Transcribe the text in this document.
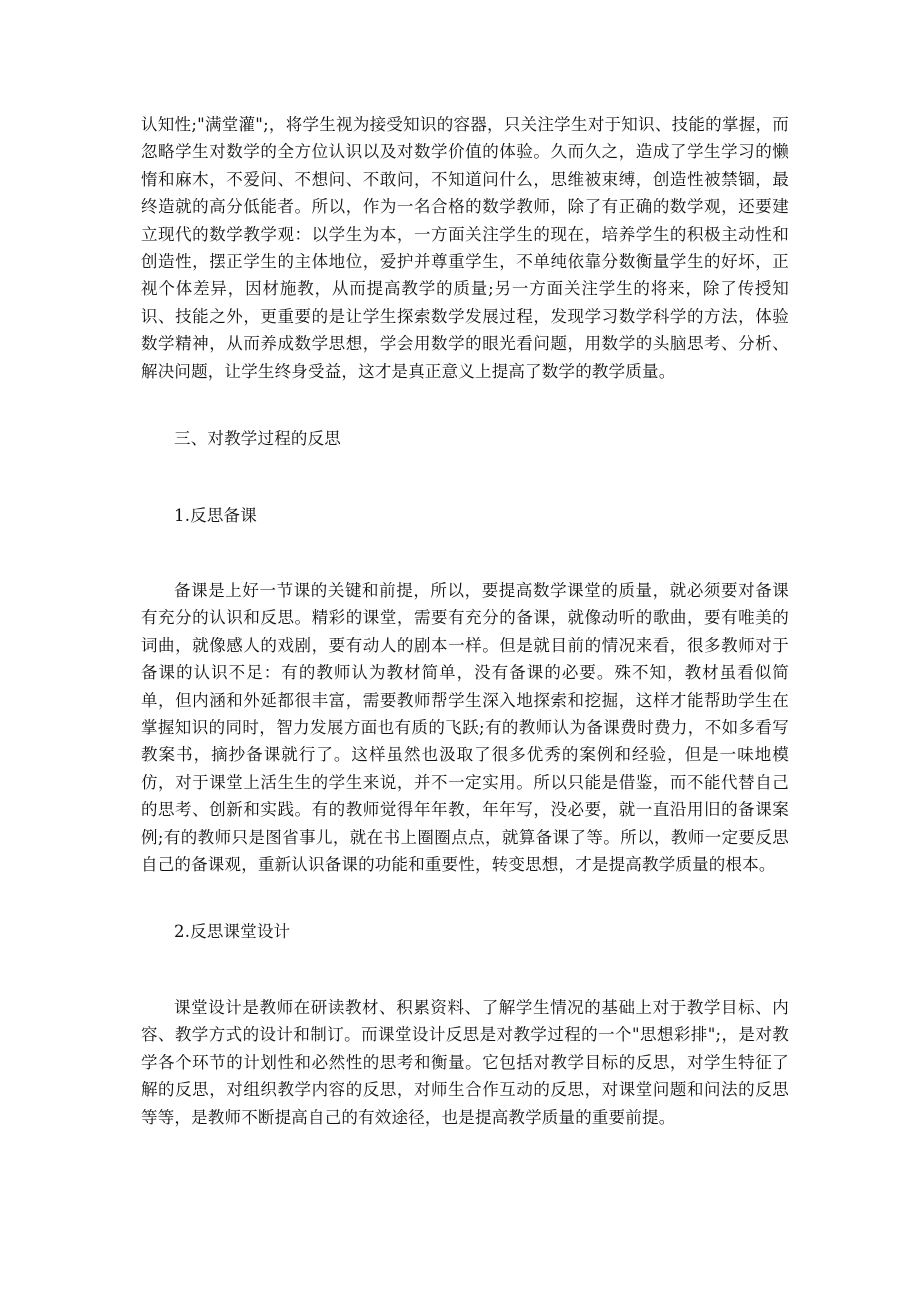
认知性;"满堂灌";，将学生视为接受知识的容器，只关注学生对于知识、技能的掌握，而忽略学生对数学的全方位认识以及对数学价值的体验。久而久之，造成了学生学习的懒惰和麻木，不爱问、不想问、不敢问，不知道问什么，思维被束缚，创造性被禁锢，最终造就的高分低能者。所以，作为一名合格的数学教师，除了有正确的数学观，还要建立现代的数学教学观：以学生为本，一方面关注学生的现在，培养学生的积极主动性和创造性，摆正学生的主体地位，爱护并尊重学生，不单纯依靠分数衡量学生的好坏，正视个体差异，因材施教，从而提高教学的质量;另一方面关注学生的将来，除了传授知识、技能之外，更重要的是让学生探索数学发展过程，发现学习数学科学的方法，体验数学精神，从而养成数学思想，学会用数学的眼光看问题，用数学的头脑思考、分析、解决问题，让学生终身受益，这才是真正意义上提高了数学的教学质量。

三、对教学过程的反思

1.反思备课

备课是上好一节课的关键和前提，所以，要提高数学课堂的质量，就必须要对备课有充分的认识和反思。精彩的课堂，需要有充分的备课，就像动听的歌曲，要有唯美的词曲，就像感人的戏剧，要有动人的剧本一样。但是就目前的情况来看，很多教师对于备课的认识不足：有的教师认为教材简单，没有备课的必要。殊不知，教材虽看似简单，但内涵和外延都很丰富，需要教师帮学生深入地探索和挖掘，这样才能帮助学生在掌握知识的同时，智力发展方面也有质的飞跃;有的教师认为备课费时费力，不如多看写教案书，摘抄备课就行了。这样虽然也汲取了很多优秀的案例和经验，但是一味地模仿，对于课堂上活生生的学生来说，并不一定实用。所以只能是借鉴，而不能代替自己的思考、创新和实践。有的教师觉得年年教，年年写，没必要，就一直沿用旧的备课案例;有的教师只是图省事儿，就在书上圈圈点点，就算备课了等。所以，教师一定要反思自己的备课观，重新认识备课的功能和重要性，转变思想，才是提高教学质量的根本。

2.反思课堂设计

课堂设计是教师在研读教材、积累资料、了解学生情况的基础上对于教学目标、内容、教学方式的设计和制订。而课堂设计反思是对教学过程的一个"思想彩排";，是对教学各个环节的计划性和必然性的思考和衡量。它包括对教学目标的反思，对学生特征了解的反思，对组织教学内容的反思，对师生合作互动的反思，对课堂问题和问法的反思等等，是教师不断提高自己的有效途径，也是提高教学质量的重要前提。
